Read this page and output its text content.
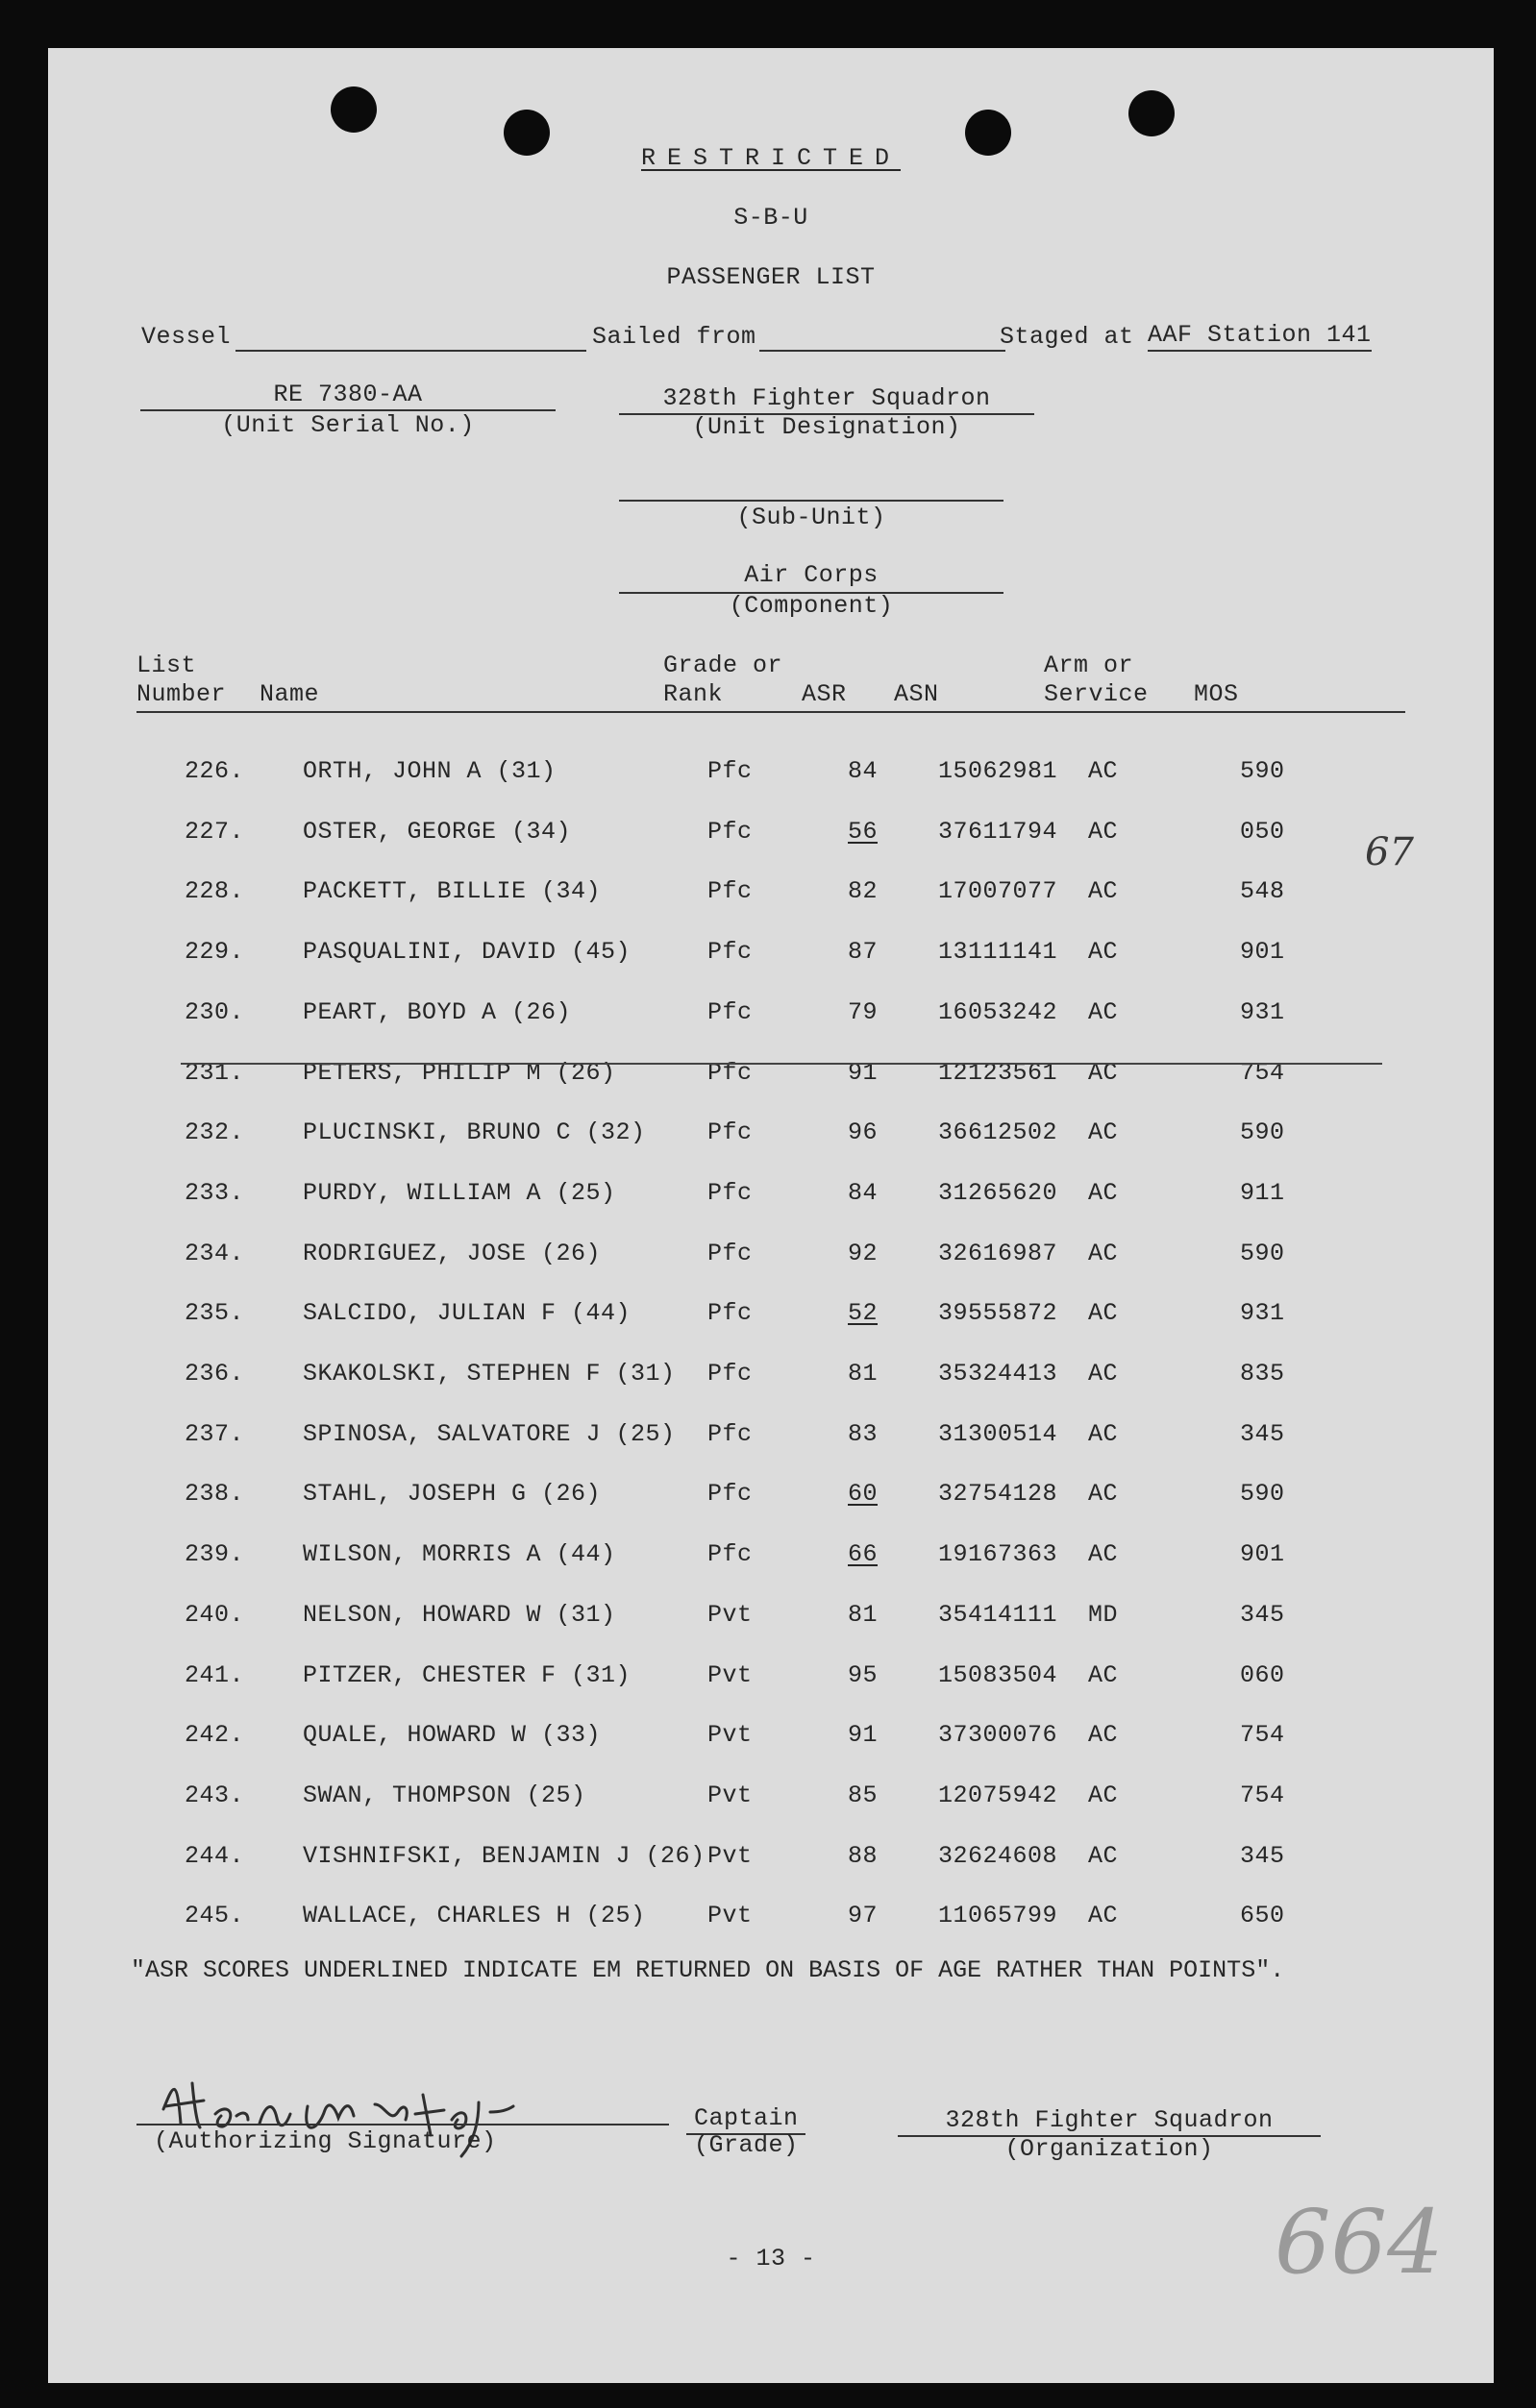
RESTRICTED
S-B-U
PASSENGER LIST
Vessel	Sailed from	Staged at AAF Station 141
RE 7380-AA
(Unit Serial No.)
328th Fighter Squadron
(Unit Designation)
(Sub-Unit)
Air Corps
(Component)
List
Number Name
Grade or
Rank	ASR ASN
Arm or
Service MOS
226. ORTH, JOHN A (31)	Pfc	84	15062981 AC	590
227. OSTER, GEORGE (34)	Pfc	56	37611794 AC	050
228. PACKETT, BILLIE (34)	Pfc	82	17007077 AC	548
229. PASQUALINI, DAVID (45)	Pfc	87	13111141 AC	901
230. PEART, BOYD A (26)	Pfc	79	16053242 AC	931
231. PETERS, PHILIP M (26)	Pfc	91	12123561 AC	754
232. PLUCINSKI, BRUNO C (32)	Pfc	96	36612502 AC	590
233. PURDY, WILLIAM A (25)	Pfc	84	31265620 AC	911
234. RODRIGUEZ, JOSE (26)	Pfc	92	32616987 AC	590
235. SALCIDO, JULIAN F (44)	Pfc	52	39555872 AC	931
236. SKAKOLSKI, STEPHEN F (31) Pfc	81	35324413 AC	835
237. SPINOSA, SALVATORE J (25) Pfc	83	31300514 AC	345
238. STAHL, JOSEPH G (26)	Pfc	60	32754128 AC	590
239. WILSON, MORRIS A (44)	Pfc	66	19167363 AC	901
240. NELSON, HOWARD W (31)	Pvt	81	35414111 MD	345
241. PITZER, CHESTER F (31)	Pvt	95	15083504 AC	060
242. QUALE, HOWARD W (33)	Pvt	91	37300076 AC	754
243. SWAN, THOMPSON (25)	Pvt	85	12075942 AC	754
244. VISHNIFSKI, BENJAMIN J (26) Pvt	88	32624608 AC	345
245. WALLACE, CHARLES H (25)	Pvt	97	11065799 AC	650
"ASR SCORES UNDERLINED INDICATE EM RETURNED ON BASIS OF AGE RATHER THAN POINTS".
(Authorizing Signature)
Captain
(Grade)
328th Fighter Squadron
(Organization)
- 13 -
67
664
